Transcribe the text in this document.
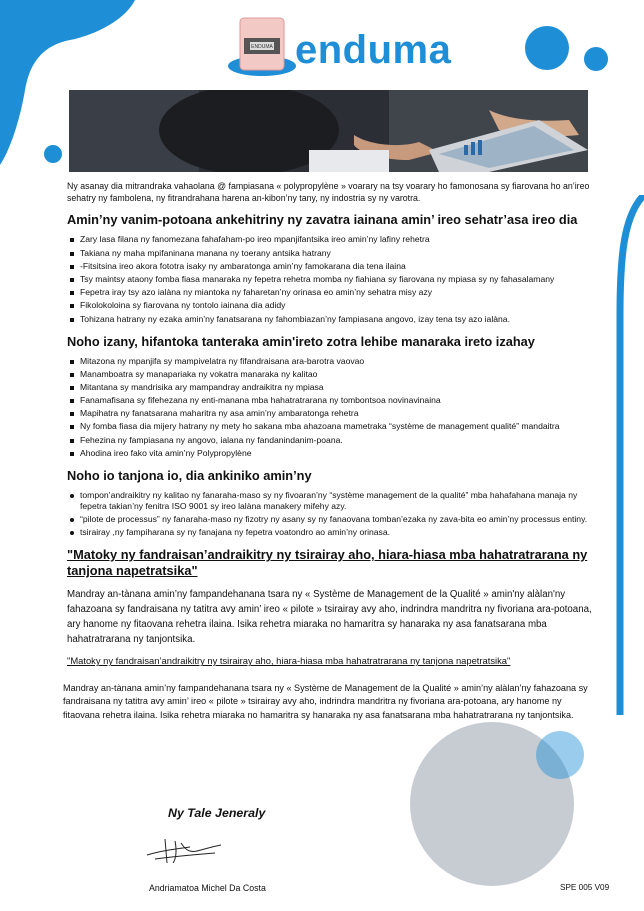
ENDUMA enduma

Ny asanay dia mitrandraka vahaolana @ fampiasana « polypropylène » voarary na tsy voarary ho famonosana sy fiarovana ho an’ireo sehatry ny fambolena, ny fitrandrahana harena an-kibon’ny tany, ny indostria sy ny varotra.

Amin’ny vanim-potoana ankehitriny ny zavatra iainana amin’ ireo sehatr’asa ireo dia
Zary lasa filana ny fanomezana fahafaham-po ireo mpanjifantsika ireo amin’ny lafiny rehetra
Takiana ny maha mpifaninana manana ny toerany antsika hatrany
-Fitsitsina ireo akora fototra isaky ny ambaratonga amin’ny famokarana dia tena ilaina
Tsy maintsy ataony fomba fiasa manaraka ny fepetra rehetra momba ny fiahiana sy fiarovana ny mpiasa sy ny fahasalamany
Fepetra iray tsy azo ialàna ny miantoka ny faharetan’ny orinasa eo amin’ny sehatra misy azy
Fikolokoloina sy fiarovana ny tontolo iainana dia adidy
Tohizana hatrany ny ezaka amin’ny fanatsarana ny fahombiazan’ny fampiasana angovo, izay tena tsy azo ialàna.
Noho izany, hifantoka tanteraka amin'ireto zotra lehibe manaraka ireto izahay
Mitazona ny mpanjifa sy mampivelatra ny fifandraisana ara-barotra vaovao
Manamboatra sy manapariaka ny vokatra manaraka ny kalitao
Mitantana sy mandrisika ary mampandray andraikitra ny mpiasa
Fanamafisana sy fifehezana ny enti-manana mba hahatratrarana ny tombontsoa novinavinaina
Mapihatra ny fanatsarana maharitra ny asa amin’ny ambaratonga rehetra
Ny fomba fiasa dia mijery hatrany ny mety ho sakana mba ahazoana mametraka “système de management qualité” mandaitra
Fehezina ny fampiasana ny angovo, ialana ny fandanindanim-poana.
Ahodina ireo fako vita amin’ny Polypropylène
Noho io tanjona io, dia ankiniko amin’ny
tompon’andraikitry ny kalitao ny fanaraha-maso sy ny fivoaran’ny “système management de la qualité” mba hahafahana manaja ny fepetra takian’ny fenitra ISO 9001 sy ireo lalàna manakery mifehy azy.
“pilote de processus” ny fanaraha-maso ny fizotry ny asany sy ny fanaovana tomban’ezaka ny zava-bita eo amin’ny processus entiny.
tsirairay ,ny fampiharana sy ny fanajana ny fepetra voatondro ao amin’ny orinasa.
"Matoky ny fandraisan’andraikitry ny tsirairay aho, hiara-hiasa mba hahatratrarana ny tanjona napetratsika"

Mandray an-tànana amin’ny fampandehanana tsara ny « Système de Management de la Qualité » amin'ny alàlan'ny fahazoana sy fandraisana ny tatitra avy amin’ ireo « pilote » tsirairay avy aho, indrindra mandritra ny fivoriana ara-potoana, ary hanome ny fitaovana rehetra ilaina. Isika rehetra miaraka no hamaritra sy hanaraka ny asa fanatsarana mba hahatratrarana ny tanjontsika.

"Matoky ny fandraisan’andraikitry ny tsirairay aho, hiara-hiasa mba hahatratrarana ny tanjona napetratsika"

Mandray an-tànana amin’ny fampandehanana tsara ny « Système de Management de la Qualité » amin’ny alàlan’ny fahazoana sy fandraisana ny tatitra avy amin’ ireo « pilote » tsirairay avy aho, indrindra mandritra ny fivoriana ara-potoana, ary hanome ny fitaovana rehetra ilaina. Isika rehetra miaraka no hamaritra sy hanaraka ny asa fanatsarana mba hahatratrarana ny tanjontsika.

Ny Tale Jeneraly
Andriamatoa Michel Da Costa	SPE 005 V09
